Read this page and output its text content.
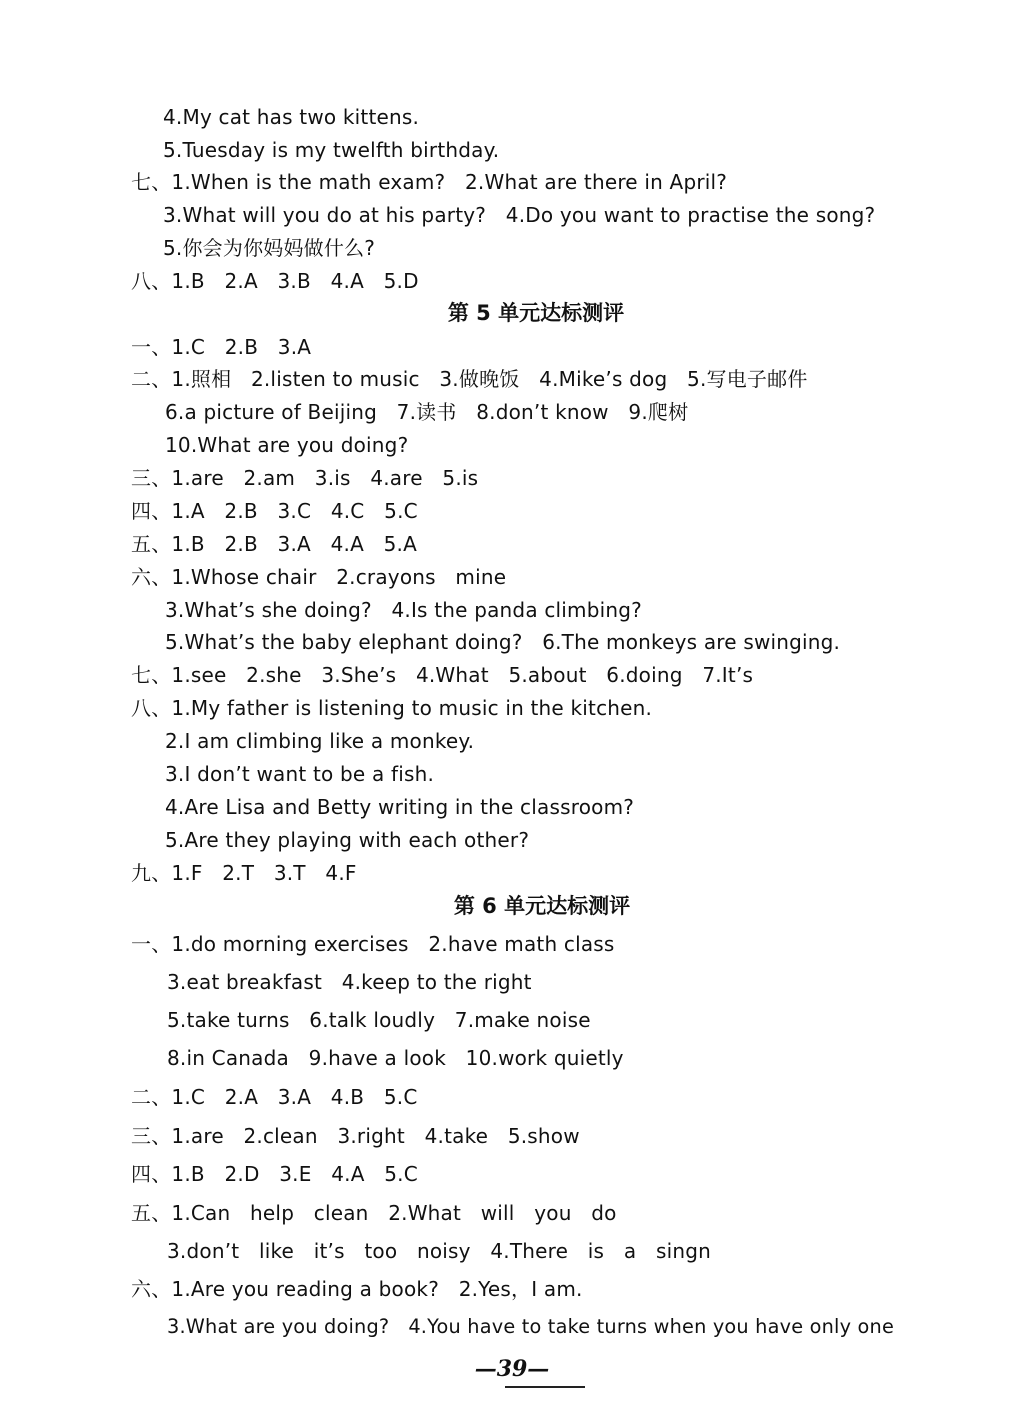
4.My cat has two kittens.
5.Tuesday is my twelfth birthday.
七、1.When is the math exam?   2.What are there in April?
3.What will you do at his party?   4.Do you want to practise the song?
5.你会为你妈妈做什么?
八、1.B   2.A   3.B   4.A   5.D
第 5 单元达标测评
一、1.C   2.B   3.A
二、1.照相   2.listen to music   3.做晚饭   4.Mike’s dog   5.写电子邮件
6.a picture of Beijing   7.读书   8.don’t know   9.爬树
10.What are you doing?
三、1.are   2.am   3.is   4.are   5.is
四、1.A   2.B   3.C   4.C   5.C
五、1.B   2.B   3.A   4.A   5.A
六、1.Whose chair   2.crayons   mine
3.What’s she doing?   4.Is the panda climbing?
5.What’s the baby elephant doing?   6.The monkeys are swinging.
七、1.see   2.she   3.She’s   4.What   5.about   6.doing   7.It’s
八、1.My father is listening to music in the kitchen.
2.I am climbing like a monkey.
3.I don’t want to be a fish.
4.Are Lisa and Betty writing in the classroom?
5.Are they playing with each other?
九、1.F   2.T   3.T   4.F
第 6 单元达标测评
一、1.do morning exercises   2.have math class
3.eat breakfast   4.keep to the right
5.take turns   6.talk loudly   7.make noise
8.in Canada   9.have a look   10.work quietly
二、1.C   2.A   3.A   4.B   5.C
三、1.are   2.clean   3.right   4.take   5.show
四、1.B   2.D   3.E   4.A   5.C
五、1.Can   help   clean   2.What   will   you   do
3.don’t   like   it’s   too   noisy   4.There   is   a   singn
六、1.Are you reading a book?   2.Yes，I am.
3.What are you doing?   4.You have to take turns when you have only one
—39—
